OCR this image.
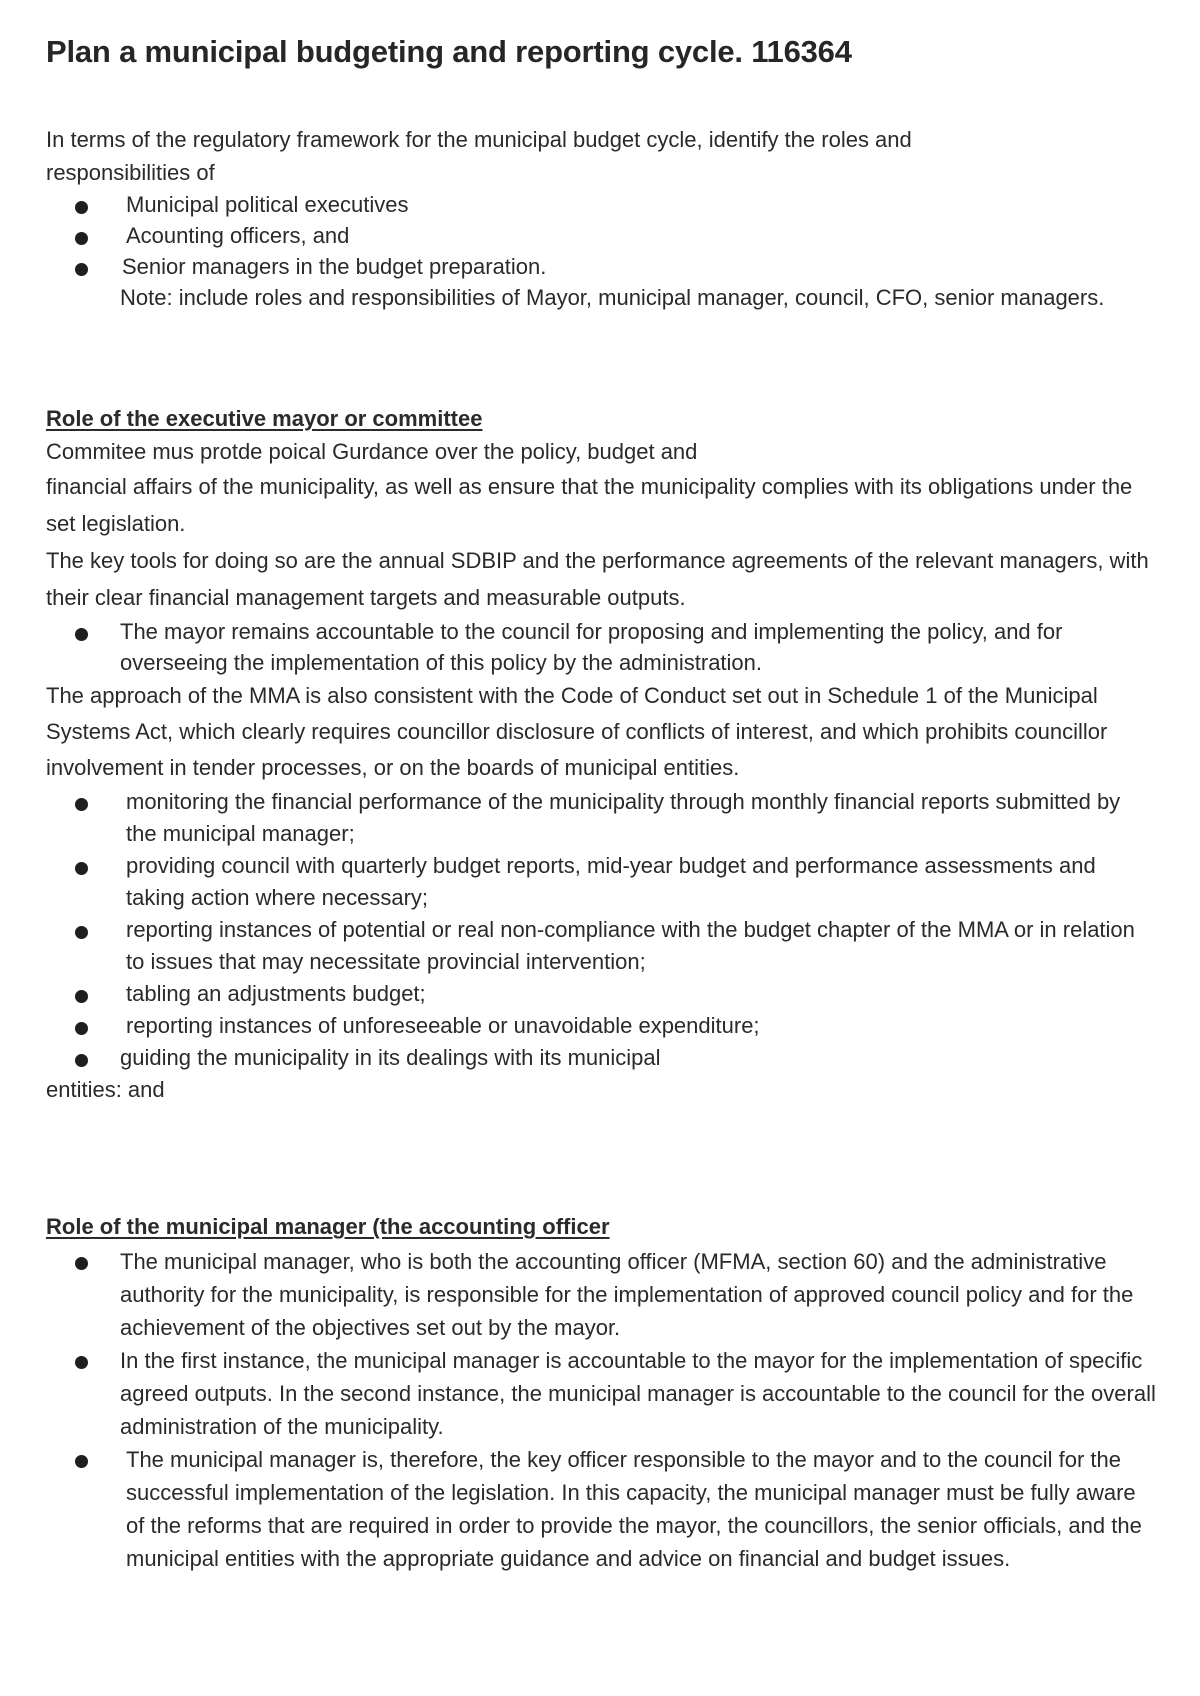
Plan a municipal budgeting and reporting cycle. 116364

In terms of the regulatory framework for the municipal budget cycle, identify the roles and responsibilities of

Municipal political executives
Acounting officers, and
Senior managers in the budget preparation.

Note: include roles and responsibilities of Mayor, municipal manager, council, CFO, senior managers.

Role of the executive mayor or committee

Commitee mus protde poical Gurdance over the policy, budget and

financial affairs of the municipality, as well as ensure that the municipality complies with its obligations under the set legislation.

The key tools for doing so are the annual SDBIP and the performance agreements of the relevant managers, with their clear financial management targets and measurable outputs.

The mayor remains accountable to the council for proposing and implementing the policy, and for overseeing the implementation of this policy by the administration.

The approach of the MMA is also consistent with the Code of Conduct set out in Schedule 1 of the Municipal Systems Act, which clearly requires councillor disclosure of conflicts of interest, and which prohibits councillor involvement in tender processes, or on the boards of municipal entities.

monitoring the financial performance of the municipality through monthly financial reports submitted by the municipal manager;
providing council with quarterly budget reports, mid-year budget and performance assessments and taking action where necessary;
reporting instances of potential or real non-compliance with the budget chapter of the MMA or in relation to issues that may necessitate provincial intervention;
tabling an adjustments budget;
reporting instances of unforeseeable or unavoidable expenditure;
guiding the municipality in its dealings with its municipal

entities: and

Role of the municipal manager (the accounting officer

The municipal manager, who is both the accounting officer (MFMA, section 60) and the administrative authority for the municipality, is responsible for the implementation of approved council policy and for the achievement of the objectives set out by the mayor.
In the first instance, the municipal manager is accountable to the mayor for the implementation of specific agreed outputs. In the second instance, the municipal manager is accountable to the council for the overall administration of the municipality.
The municipal manager is, therefore, the key officer responsible to the mayor and to the council for the successful implementation of the legislation. In this capacity, the municipal manager must be fully aware of the reforms that are required in order to provide the mayor, the councillors, the senior officials, and the municipal entities with the appropriate guidance and advice on financial and budget issues.
